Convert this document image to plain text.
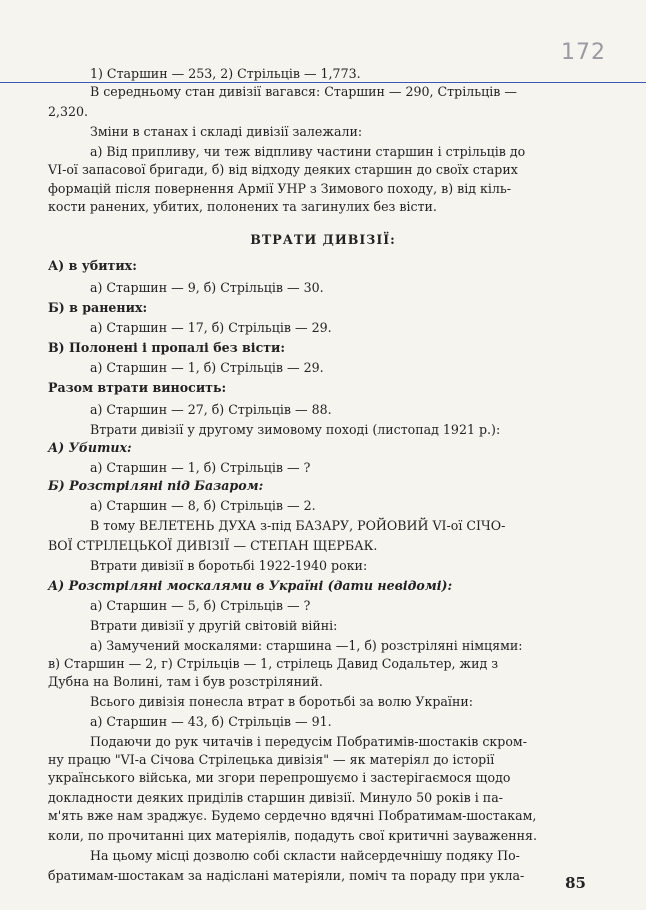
172
1) Старшин — 253, 2) Стрільців — 1,773.
В середньому стан дивізії вагався: Старшин — 290, Стрільців —
2,320.
Зміни в станах і складі дивізії залежали:
а) Від припливу, чи теж відпливу частини старшин і стрільців до
VI-ої запасової бригади, б) від відходу деяких старшин до своїх старих
формацій після повернення Армії УНР з Зимового походу, в) від кіль-
кости ранених, убитих, полонених та загинулих без вісти.
ВТРАТИ ДИВІЗІЇ:
А) в убитих:
а) Старшин — 9, б) Стрільців — 30.
Б) в ранених:
а) Старшин — 17, б) Стрільців — 29.
В) Полонені і пропалі без вісти:
а) Старшин — 1, б) Стрільців — 29.
Разом втрати виносить:
а) Старшин — 27, б) Стрільців — 88.
Втрати дивізії у другому зимовому поході (листопад 1921 р.):
А) Убитих:
а) Старшин — 1, б) Стрільців — ?
Б) Розстріляні під Базаром:
а) Старшин — 8, б) Стрільців — 2.
В тому ВЕЛЕТЕНЬ ДУХА з-під БАЗАРУ, РОЙОВИЙ VI-ої СІЧО-
ВОЇ СТРІЛЕЦЬКОЇ ДИВІЗІЇ — СТЕПАН ЩЕРБАК.
Втрати дивізії в боротьбі 1922-1940 роки:
А) Розстріляні москалями в Україні (дати невідомі):
а) Старшин — 5, б) Стрільців — ?
Втрати дивізії у другій світовій війні:
а) Замучений москалями: старшина —1, б) розстріляні німцями:
в) Старшин — 2, г) Стрільців — 1, стрілець Давид Содальтер, жид з
Дубна на Волині, там і був розстріляний.
Всього дивізія понесла втрат в боротьбі за волю України:
а) Старшин — 43, б) Стрільців — 91.
Подаючи до рук читачів і передусім Побратимів-шостаків скром-
ну працю "VI-а Січова Стрілецька дивізія" — як матеріял до історії
українського війська, ми згори перепрошуємо і застерігаємося щодо
докладности деяких приділів старшин дивізії. Минуло 50 років і па-
м'ять вже нам зраджує. Будемо сердечно вдячні Побратимам-шостакам,
коли, по прочитанні цих матеріялів, подадуть свої критичні зауваження.
На цьому місці дозволю собі скласти найсердечнішу подяку По-
братимам-шостакам за надіслані матеріяли, поміч та пораду при укла-	85
